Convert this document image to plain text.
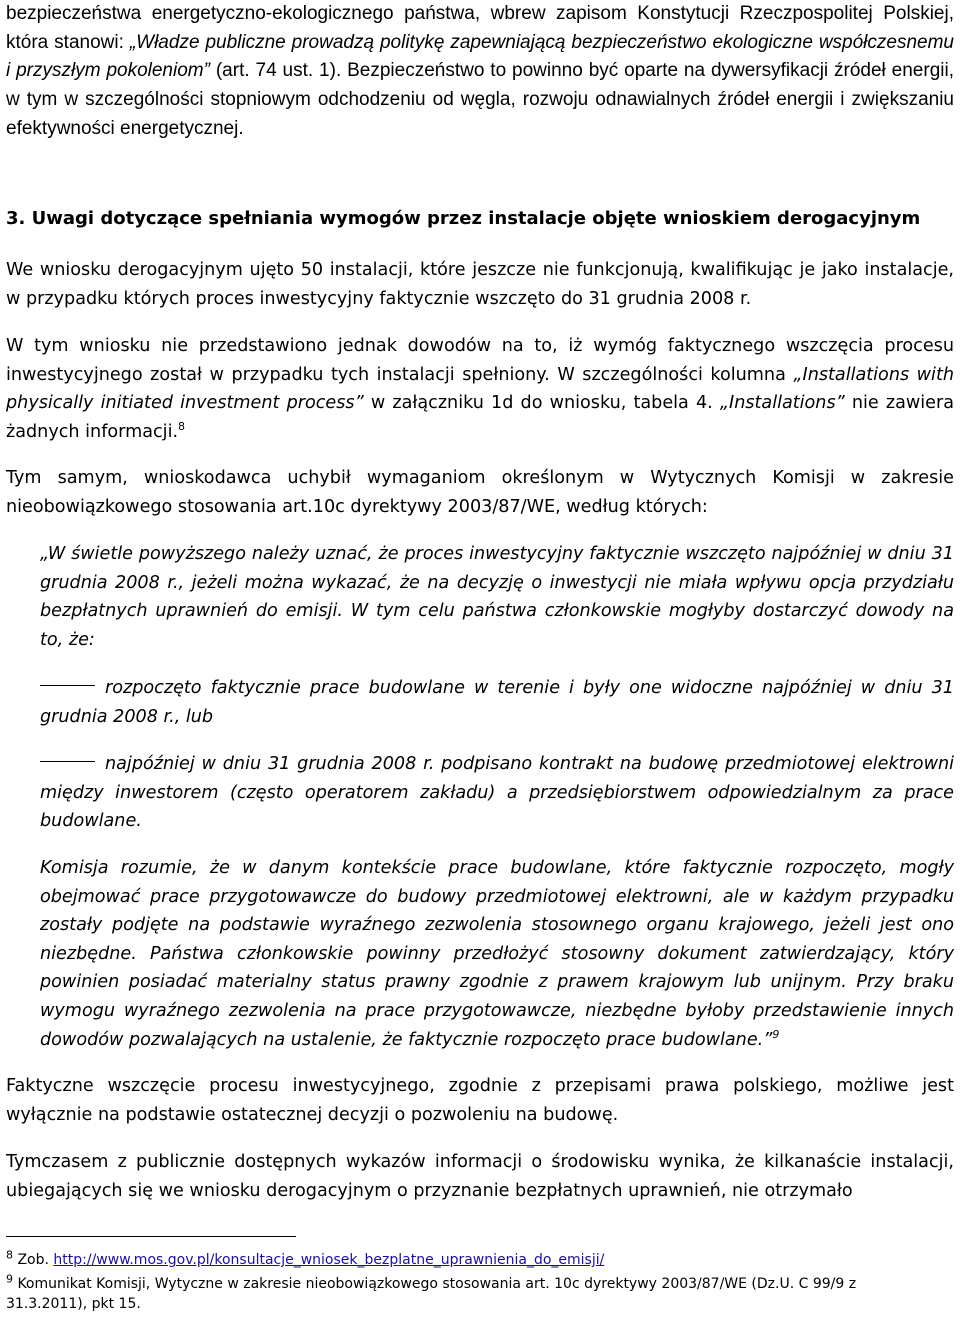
bezpieczeństwa energetyczno-ekologicznego państwa, wbrew zapisom Konstytucji Rzeczpospolitej Polskiej, która stanowi: „Władze publiczne prowadzą politykę zapewniającą bezpieczeństwo ekologiczne współczesnemu i przyszłym pokoleniom” (art. 74 ust. 1). Bezpieczeństwo to powinno być oparte na dywersyfikacji źródeł energii, w tym w szczególności stopniowym odchodzeniu od węgla, rozwoju odnawialnych źródeł energii i zwiększaniu efektywności energetycznej.

3. Uwagi dotyczące spełniania wymogów przez instalacje objęte wnioskiem derogacyjnym

We wniosku derogacyjnym ujęto 50 instalacji, które jeszcze nie funkcjonują, kwalifikując je jako instalacje, w przypadku których proces inwestycyjny faktycznie wszczęto do 31 grudnia 2008 r.

W tym wniosku nie przedstawiono jednak dowodów na to, iż wymóg faktycznego wszczęcia procesu inwestycyjnego został w przypadku tych instalacji spełniony. W szczególności kolumna „Installations with physically initiated investment process” w załączniku 1d do wniosku, tabela 4. „Installations” nie zawiera żadnych informacji.$^8$

Tym samym, wnioskodawca uchybił wymaganiom określonym w Wytycznych Komisji w zakresie nieobowiązkowego stosowania art.10c dyrektywy 2003/87/WE, według których:

„W świetle powyższego należy uznać, że proces inwestycyjny faktycznie wszczęto najpóźniej w dniu 31 grudnia 2008 r., jeżeli można wykazać, że na decyzję o inwestycji nie miała wpływu opcja przydziału bezpłatnych uprawnień do emisji. W tym celu państwa członkowskie mogłyby dostarczyć dowody na to, że:

rozpoczęto faktycznie prace budowlane w terenie i były one widoczne najpóźniej w dniu 31 grudnia 2008 r., lub

najpóźniej w dniu 31 grudnia 2008 r. podpisano kontrakt na budowę przedmiotowej elektrowni między inwestorem (często operatorem zakładu) a przedsiębiorstwem odpowiedzialnym za prace budowlane.

Komisja rozumie, że w danym kontekście prace budowlane, które faktycznie rozpoczęto, mogły obejmować prace przygotowawcze do budowy przedmiotowej elektrowni, ale w każdym przypadku zostały podjęte na podstawie wyraźnego zezwolenia stosownego organu krajowego, jeżeli jest ono niezbędne. Państwa członkowskie powinny przedłożyć stosowny dokument zatwierdzający, który powinien posiadać materialny status prawny zgodnie z prawem krajowym lub unijnym. Przy braku wymogu wyraźnego zezwolenia na prace przygotowawcze, niezbędne byłoby przedstawienie innych dowodów pozwalających na ustalenie, że faktycznie rozpoczęto prace budowlane.”$^9$

Faktyczne wszczęcie procesu inwestycyjnego, zgodnie z przepisami prawa polskiego, możliwe jest wyłącznie na podstawie ostatecznej decyzji o pozwoleniu na budowę.

Tymczasem z publicznie dostępnych wykazów informacji o środowisku wynika, że kilkanaście instalacji, ubiegających się we wniosku derogacyjnym o przyznanie bezpłatnych uprawnień, nie otrzymało

$^8$ Zob. http://www.mos.gov.pl/konsultacje_wniosek_bezplatne_uprawnienia_do_emisji/

$^9$ Komunikat Komisji, Wytyczne w zakresie nieobowiązkowego stosowania art. 10c dyrektywy 2003/87/WE (Dz.U. C 99/9 z 31.3.2011), pkt 15.
